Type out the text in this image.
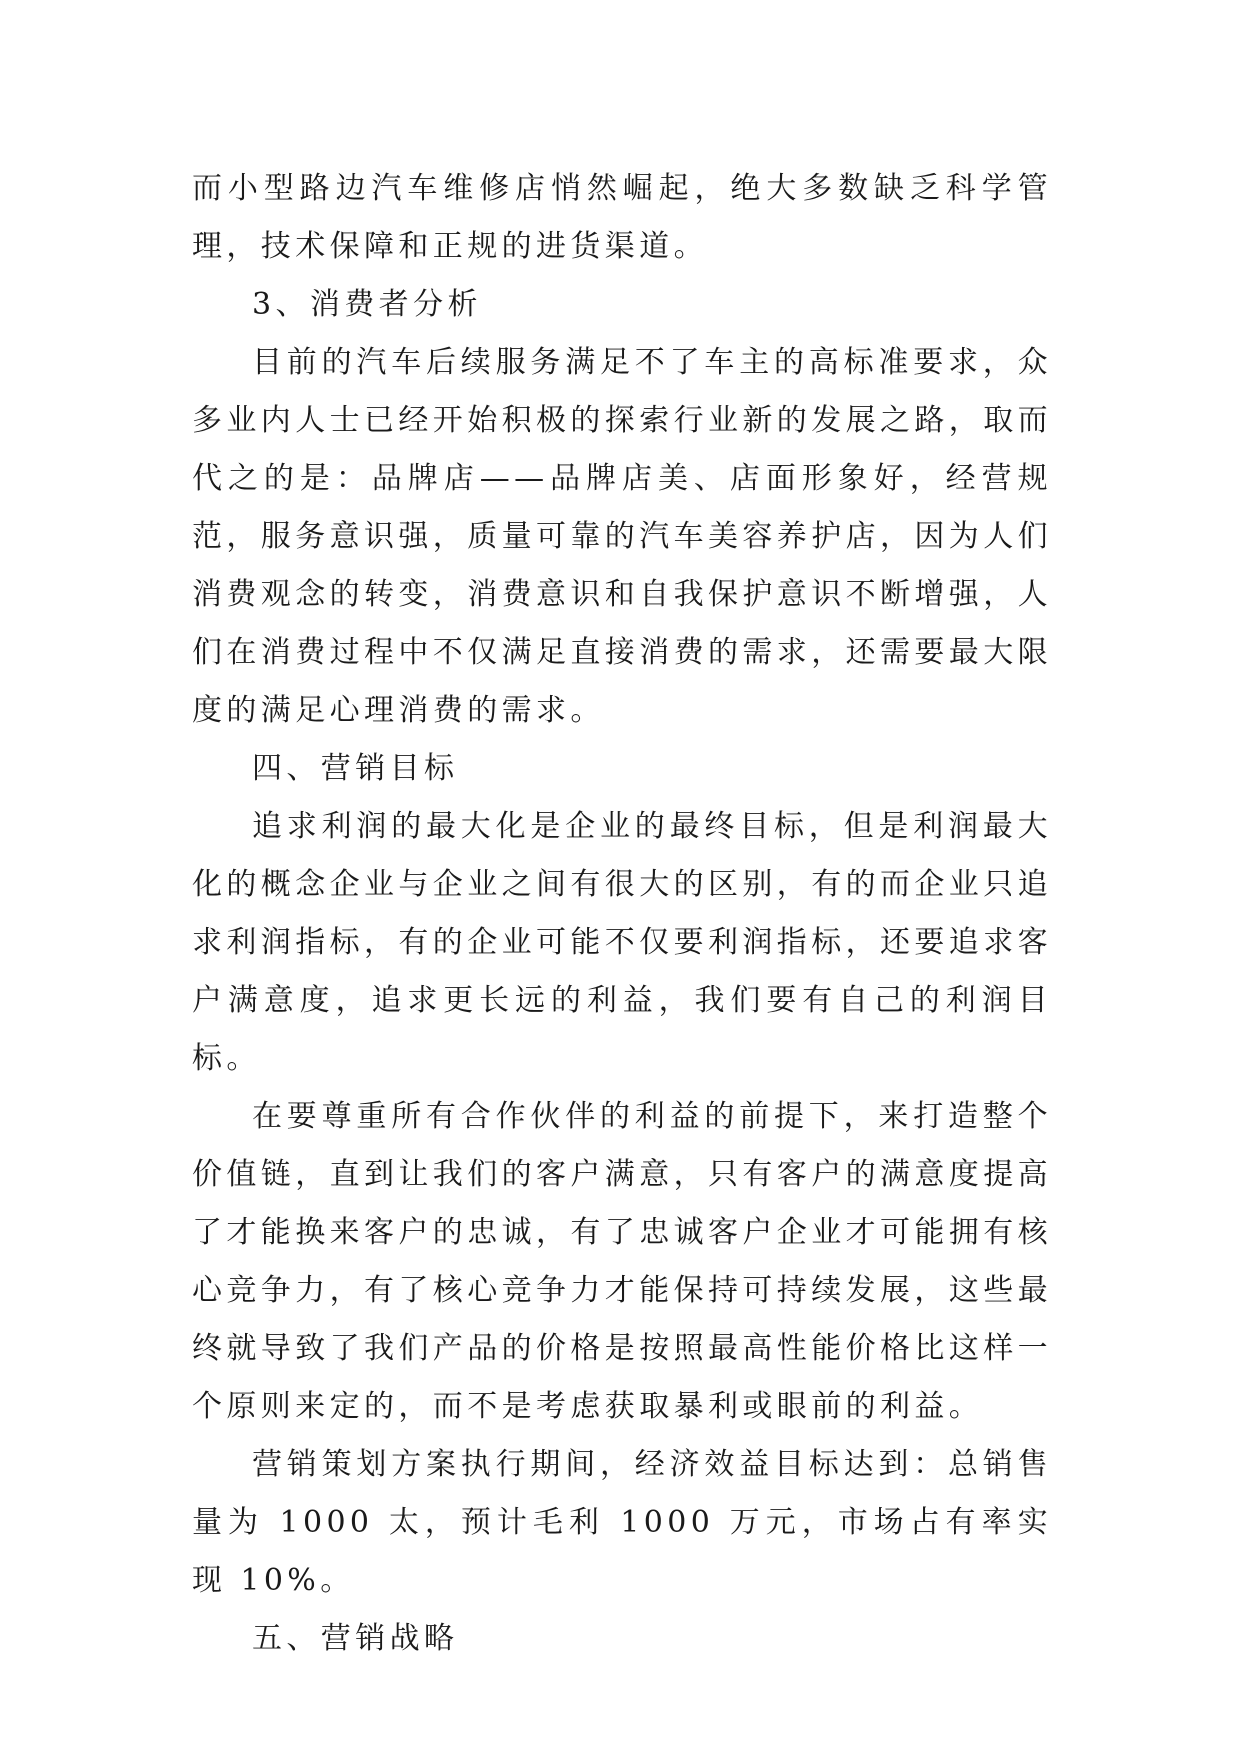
而小型路边汽车维修店悄然崛起，绝大多数缺乏科学管理，技术保障和正规的进货渠道。

3、消费者分析

目前的汽车后续服务满足不了车主的高标准要求，众多业内人士已经开始积极的探索行业新的发展之路，取而代之的是：品牌店——品牌店美、店面形象好，经营规范，服务意识强，质量可靠的汽车美容养护店，因为人们消费观念的转变，消费意识和自我保护意识不断增强，人们在消费过程中不仅满足直接消费的需求，还需要最大限度的满足心理消费的需求。

四、营销目标

追求利润的最大化是企业的最终目标，但是利润最大化的概念企业与企业之间有很大的区别，有的而企业只追求利润指标，有的企业可能不仅要利润指标，还要追求客户满意度，追求更长远的利益，我们要有自己的利润目标。

在要尊重所有合作伙伴的利益的前提下，来打造整个价值链，直到让我们的客户满意，只有客户的满意度提高了才能换来客户的忠诚，有了忠诚客户企业才可能拥有核心竞争力，有了核心竞争力才能保持可持续发展，这些最终就导致了我们产品的价格是按照最高性能价格比这样一个原则来定的，而不是考虑获取暴利或眼前的利益。

营销策划方案执行期间，经济效益目标达到：总销售量为 1000 太，预计毛利 1000 万元，市场占有率实现 10%。

五、营销战略
